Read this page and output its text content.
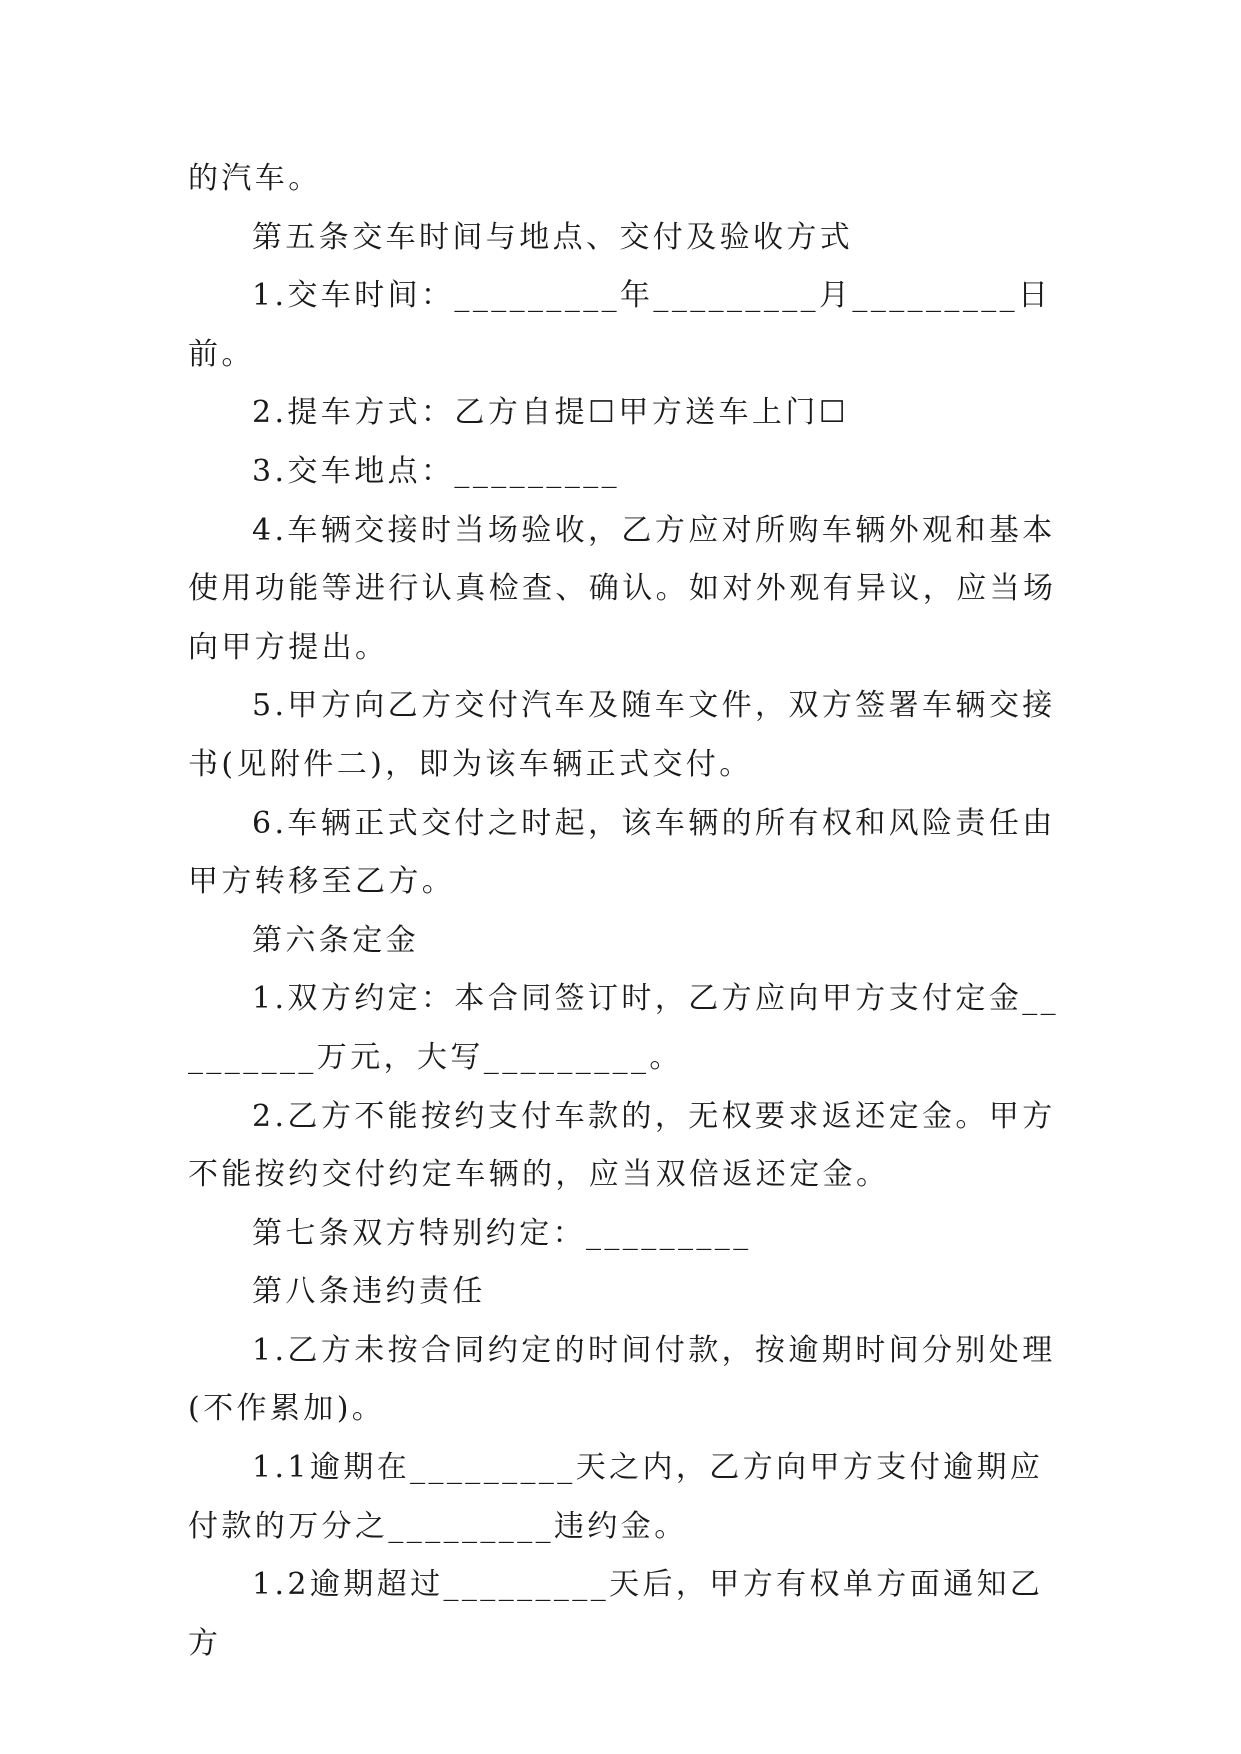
的汽车。

第五条交车时间与地点、交付及验收方式

1.交车时间：_________年_________月_________日前。

2.提车方式：乙方自提☐甲方送车上门☐

3.交车地点：_________

4.车辆交接时当场验收，乙方应对所购车辆外观和基本使用功能等进行认真检查、确认。如对外观有异议，应当场向甲方提出。

5.甲方向乙方交付汽车及随车文件，双方签署车辆交接书(见附件二)，即为该车辆正式交付。

6.车辆正式交付之时起，该车辆的所有权和风险责任由甲方转移至乙方。

第六条定金

1.双方约定：本合同签订时，乙方应向甲方支付定金_________万元，大写_________。

2.乙方不能按约支付车款的，无权要求返还定金。甲方不能按约交付约定车辆的，应当双倍返还定金。

第七条双方特别约定：_________

第八条违约责任

1.乙方未按合同约定的时间付款，按逾期时间分别处理(不作累加)。

1.1逾期在_________天之内，乙方向甲方支付逾期应付款的万分之_________违约金。

1.2逾期超过_________天后，甲方有权单方面通知乙方
